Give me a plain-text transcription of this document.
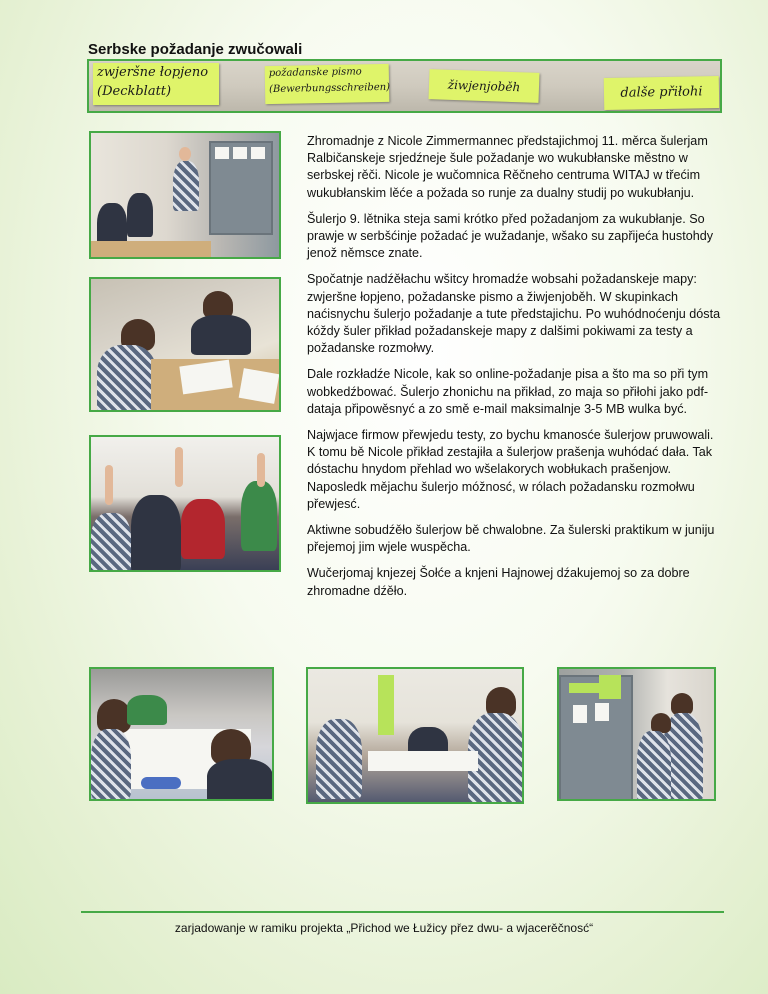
Serbske požadanje zwučowali
zwjeršne łopjeno
(Deckblatt)
požadanske pismo
(Bewerbungsschreiben)	žiwjenjoběh	dalše přiłohi

Zhromadnje z Nicole Zimmermannec předstajichmoj 11. měrca šulerjam Ralbičanskeje srjedźneje šule požadanje wo wukubłanske městno w serbskej rěči. Nicole je wučomnica Rěčneho centruma WITAJ w třećim wukubłanskim lěće a požada so runje za dualny studij po wukubłanju.

Šulerjo 9. lětnika steja sami krótko před požadanjom za wukubłanje. So prawje w serbšćinje požadać je wužadanje, wšako su zapřijeća hustohdy jenož němsce znate.

Spočatnje nadźěłachu wšitcy hromadźe wobsahi požadanskeje mapy: zwjeršne łopjeno, požadanske pismo a žiwjenjoběh. W skupinkach naćisnychu šulerjo požadanje a tute předstajichu. Po wuhódnoćenju dósta kóždy šuler přikład požadanskeje mapy z dalšimi pokiwami za testy a požadanske rozmołwy.

Dale rozkładźe Nicole, kak so online-požadanje pisa a što ma so při tym wobkedźbować. Šulerjo zhonichu na přikład, zo maja so přiłohi jako pdf-dataja připowěsnyć a zo smě e-mail maksimalnje 3-5 MB wulka być.

Najwjace firmow přewjedu testy, zo bychu kmanosće šulerjow pruwowali. K tomu bě Nicole přikład zestajiła a šulerjow prašenja wuhódać dała. Tak dóstachu hnydom přehlad wo wšelakorych wobłukach prašenjow. Naposledk mějachu šulerjo móžnosć, w rólach požadansku rozmołwu přewjesć.

Aktiwne sobudźěło šulerjow bě chwalobne. Za šulerski praktikum w juniju přejemoj jim wjele wuspěcha.

Wučerjomaj knjezej Šołće a knjeni Hajnowej dźakujemoj so za dobre zhromadne dźěło.

zarjadowanje w ramiku projekta „Přichod we Łužicy přez dwu- a wjacerěčnosć“
